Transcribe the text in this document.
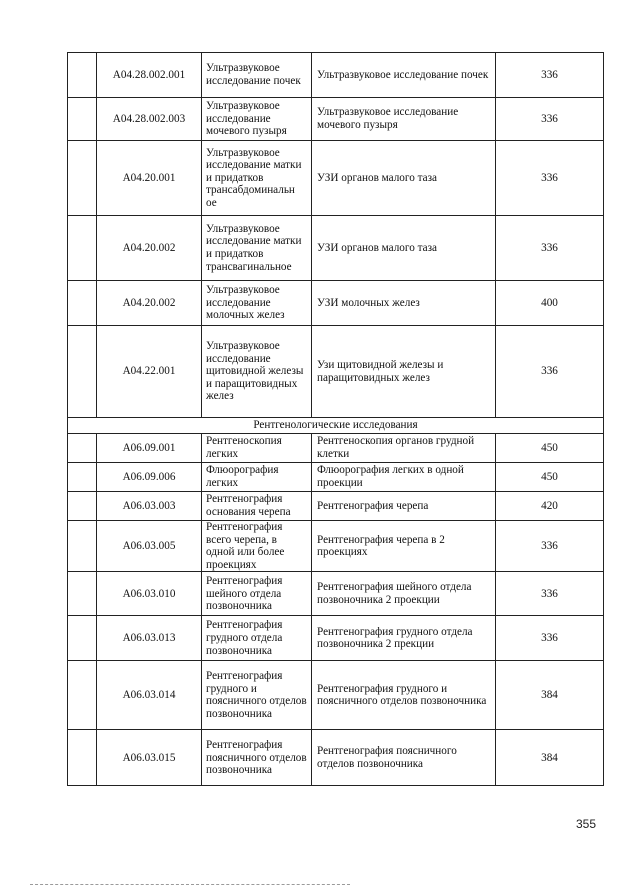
	А04.28.002.001	Ультразвуковое исследование почек	Ультразвуковое исследование почек	336
	А04.28.002.003	Ультразвуковое исследование мочевого пузыря	Ультразвуковое исследование мочевого пузыря	336
	А04.20.001	Ультразвуковое исследование матки и придатков трансабдоминальн ое	УЗИ органов малого таза	336
	А04.20.002	Ультразвуковое исследование матки и придатков трансвагинальное	УЗИ органов малого таза	336
	А04.20.002	Ультразвуковое исследование молочных желез	УЗИ молочных желез	400
	А04.22.001	Ультразвуковое исследование щитовидной железы и паращитовидных желез	Узи щитовидной железы и паращитовидных желез	336
Рентгенологические исследования				
	А06.09.001	Рентгеноскопия легких	Рентгеноскопия органов грудной клетки	450
	А06.09.006	Флюорография легких	Флюорография легких в одной проекции	450
	А06.03.003	Рентгенография основания черепа	Рентгенография черепа	420
	А06.03.005	Рентгенография всего черепа, в одной или более проекциях	Рентгенография черепа в 2 проекциях	336
	А06.03.010	Рентгенография шейного отдела позвоночника	Рентгенография шейного отдела позвоночника 2 проекции	336
	А06.03.013	Рентгенография грудного отдела позвоночника	Рентгенография грудного отдела позвоночника 2 прекции	336
	А06.03.014	Рентгенография грудного и поясничного отделов позвоночника	Рентгенография грудного и поясничного отделов позвоночника	384
	А06.03.015	Рентгенография поясничного отделов позвоночника	Рентгенография поясничного отделов позвоночника	384
355
